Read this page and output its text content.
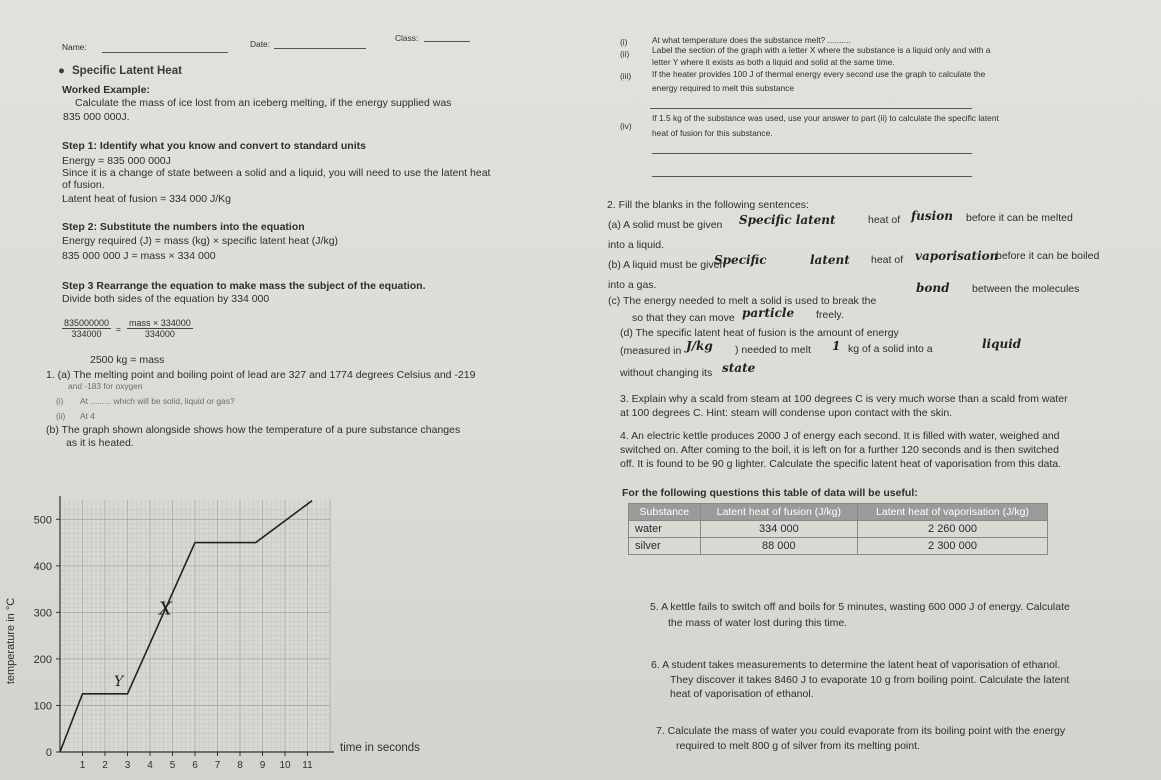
Name:	Date:
Class:
● Specific Latent Heat
Worked Example:
Calculate the mass of ice lost from an iceberg melting, if the energy supplied was
835 000 000J.
Step 1: Identify what you know and convert to standard units
Energy = 835 000 000J
Since it is a change of state between a solid and a liquid, you will need to use the latent heat
of fusion.
Latent heat of fusion = 334 000 J/Kg
Step 2: Substitute the numbers into the equation
Energy required (J) = mass (kg) × specific latent heat (J/kg)
835 000 000 J = mass × 334 000
Step 3 Rearrange the equation to make mass the subject of the equation.
Divide both sides of the equation by 334 000
$\frac{835000000}{334000}$ =
mass × 334000
334000
2500 kg = mass
1. (a) The melting point and boiling point of lead are 327 and 1774 degrees Celsius and -219
and -183 for oxygen
(i) At ......... which will be solid, liquid or gas?
(ii) At 4
(b) The graph shown alongside shows how the temperature of a pure substance changes
as it is heated.
500
400
300
200
100
0
1 2 3 4 5 6 7 8 9 10 11
temperature in °C
time in seconds
X
Y
(i)	At what temperature does the substance melt? ..........
(ii)	Label the section of the graph with a letter X where the substance is a liquid only and with a
letter Y where it exists as both a liquid and solid at the same time.
(iii) If the heater provides 100 J of thermal energy every second use the graph to calculate the
energy required to melt this substance
(iv)
If 1.5 kg of the substance was used, use your answer to part (ii) to calculate the specific latent
heat of fusion for this substance.
2. Fill the blanks in the following sentences:
(a) A solid must be given Specific latent	heat of fusion before it can be melted
into a liquid.
(b) A liquid must be given
Specific	latent heat of vaporisation
before it can be boiled
into a gas.
(c) The energy needed to melt a solid is used to break the
bond between the molecules
so that they can move particle freely.
(d) The specific latent heat of fusion is the amount of energy
(measured in J/kg ) needed to melt 1 kg of a solid into a	liquid
without changing its state
3. Explain why a scald from steam at 100 degrees C is very much worse than a scald from water
at 100 degrees C. Hint: steam will condense upon contact with the skin.
4. An electric kettle produces 2000 J of energy each second. It is filled with water, weighed and
switched on. After coming to the boil, it is left on for a further 120 seconds and is then switched
off. It is found to be 90 g lighter. Calculate the specific latent heat of vaporisation from this data.
For the following questions this table of data will be useful:
Substance	Latent heat of fusion (J/kg)	Latent heat of vaporisation (J/kg)
water	334 000	2 260 000
silver	88 000	2 300 000
5. A kettle fails to switch off and boils for 5 minutes, wasting 600 000 J of energy. Calculate
the mass of water lost during this time.
6. A student takes measurements to determine the latent heat of vaporisation of ethanol.
They discover it takes 8460 J to evaporate 10 g from boiling point. Calculate the latent
heat of vaporisation of ethanol.
7. Calculate the mass of water you could evaporate from its boiling point with the energy
required to melt 800 g of silver from its melting point.
